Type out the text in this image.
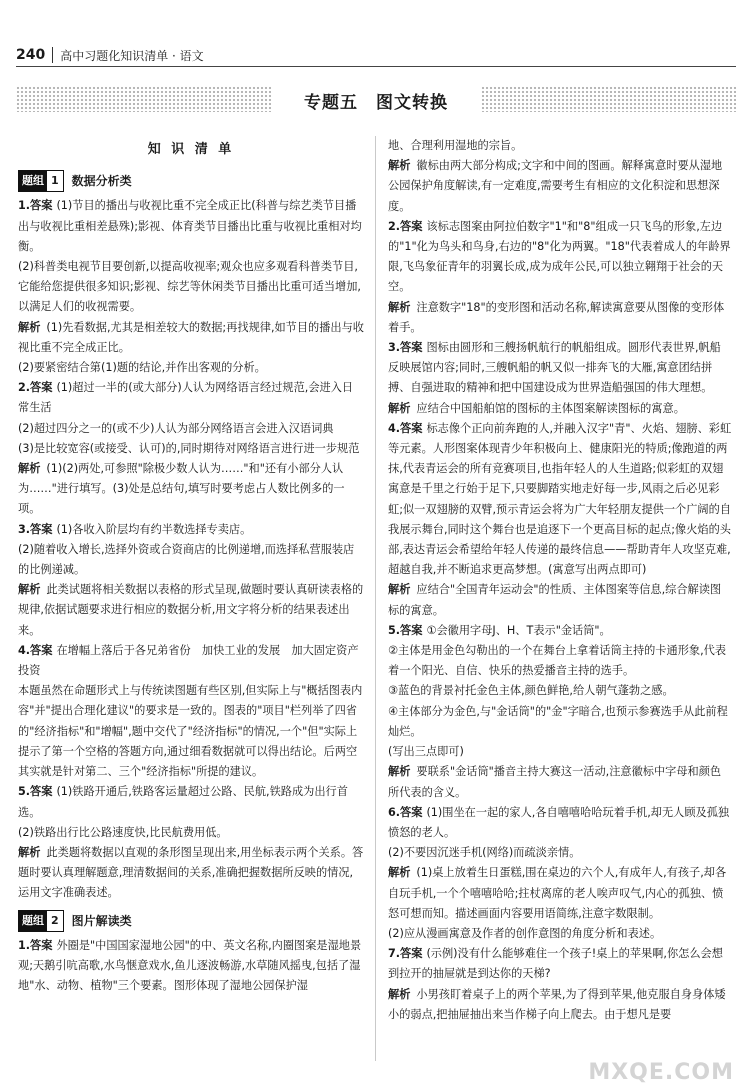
240	高中习题化知识清单 · 语文
专题五　图文转换
知 识 清 单
题组 1	数据分析类

1.答案 (1)节目的播出与收视比重不完全成正比(科普与综艺类节目播出与收视比重相差悬殊);影视、体育类节目播出比重与收视比重相对均衡。

(2)科普类电视节目要创新,以提高收视率;观众也应多观看科普类节目,它能给您提供很多知识;影视、综艺等休闲类节目播出比重可适当增加,以满足人们的收视需要。

解析 (1)先看数据,尤其是相差较大的数据;再找规律,如节目的播出与收视比重不完全成正比。

(2)要紧密结合第(1)题的结论,并作出客观的分析。

2.答案 (1)超过一半的(或大部分)人认为网络语言经过规范,会进入日常生活

(2)超过四分之一的(或不少)人认为部分网络语言会进入汉语词典

(3)是比较宽容(或接受、认可)的,同时期待对网络语言进行进一步规范

解析 (1)(2)两处,可参照"除极少数人认为……"和"还有小部分人认为……"进行填写。(3)处是总结句,填写时要考虑占人数比例多的一项。

3.答案 (1)各收入阶层均有约半数选择专卖店。

(2)随着收入增长,选择外资或合资商店的比例递增,而选择私营服装店的比例递减。

解析 此类试题将相关数据以表格的形式呈现,做题时要认真研读表格的规律,依据试题要求进行相应的数据分析,用文字将分析的结果表述出来。

4.答案 在增幅上落后于各兄弟省份　加快工业的发展　加大固定资产投资

本题虽然在命题形式上与传统读图题有些区别,但实际上与"概括图表内容"并"提出合理化建议"的要求是一致的。图表的"项目"栏列举了四省的"经济指标"和"增幅",题中交代了"经济指标"的情况,一个"但"实际上提示了第一个空格的答题方向,通过细看数据就可以得出结论。后两空其实就是针对第二、三个"经济指标"所提的建议。

5.答案 (1)铁路开通后,铁路客运量超过公路、民航,铁路成为出行首选。

(2)铁路出行比公路速度快,比民航费用低。

解析 此类题将数据以直观的条形图呈现出来,用坐标表示两个关系。答题时要认真理解题意,理清数据间的关系,准确把握数据所反映的情况,运用文字准确表述。

题组 2	图片解读类

1.答案 外圈是"中国国家湿地公园"的中、英文名称,内圈图案是湿地景观;天鹅引吭高歌,水鸟惬意戏水,鱼儿逐波畅游,水草随风摇曳,包括了湿地"水、动物、植物"三个要素。图形体现了湿地公园保护湿

地、合理利用湿地的宗旨。

解析 徽标由两大部分构成;文字和中间的图画。解释寓意时要从湿地公园保护角度解读,有一定难度,需要考生有相应的文化积淀和思想深度。

2.答案 该标志图案由阿拉伯数字"1"和"8"组成一只飞鸟的形象,左边的"1"化为鸟头和鸟身,右边的"8"化为两翼。"18"代表着成人的年龄界限,飞鸟象征青年的羽翼长成,成为成年公民,可以独立翱翔于社会的天空。

解析 注意数字"18"的变形图和活动名称,解读寓意要从图像的变形体着手。

3.答案 图标由圆形和三艘扬帆航行的帆船组成。圆形代表世界,帆船反映展馆内容;同时,三艘帆船的帆又似一排奔飞的大雁,寓意团结拼搏、自强进取的精神和把中国建设成为世界造船强国的伟大理想。

解析 应结合中国船舶馆的图标的主体图案解读图标的寓意。

4.答案 标志像个正向前奔跑的人,并融入汉字"青"、火焰、翅膀、彩虹等元素。人形图案体现青少年积极向上、健康阳光的特质;像跑道的两抹,代表青运会的所有竞赛项目,也指年轻人的人生道路;似彩虹的双翅寓意是千里之行始于足下,只要脚踏实地走好每一步,风雨之后必见彩虹;似一双翅膀的双臂,预示青运会将为广大年轻朋友提供一个广阔的自我展示舞台,同时这个舞台也是追逐下一个更高目标的起点;像火焰的头部,表达青运会希望给年轻人传递的最终信息——帮助青年人攻坚克难,超越自我,并不断追求更高梦想。(寓意写出两点即可)

解析 应结合"全国青年运动会"的性质、主体图案等信息,综合解读图标的寓意。

5.答案 ①会徽用字母J、H、T表示"金话筒"。

②主体是用金色勾勒出的一个在舞台上拿着话筒主持的卡通形象,代表着一个阳光、自信、快乐的热爱播音主持的选手。

③蓝色的背景衬托金色主体,颜色鲜艳,给人朝气蓬勃之感。

④主体部分为金色,与"金话筒"的"金"字暗合,也预示参赛选手从此前程灿烂。

(写出三点即可)

解析 要联系"金话筒"播音主持大赛这一活动,注意徽标中字母和颜色所代表的含义。

6.答案 (1)围坐在一起的家人,各自嘻嘻哈哈玩着手机,却无人顾及孤独愤怒的老人。

(2)不要因沉迷手机(网络)而疏淡亲情。

解析 (1)桌上放着生日蛋糕,围在桌边的六个人,有成年人,有孩子,却各自玩手机,一个个嘻嘻哈哈;拄杖离席的老人唉声叹气,内心的孤独、愤怒可想而知。描述画面内容要用语简练,注意字数限制。

(2)应从漫画寓意及作者的创作意图的角度分析和表述。

7.答案 (示例)没有什么能够难住一个孩子!桌上的苹果啊,你怎么会想到拉开的抽屉就是到达你的天梯?

解析 小男孩盯着桌子上的两个苹果,为了得到苹果,他克服自身身体矮小的弱点,把抽屉抽出来当作梯子向上爬去。由于想凡是要

MXQE.COM
